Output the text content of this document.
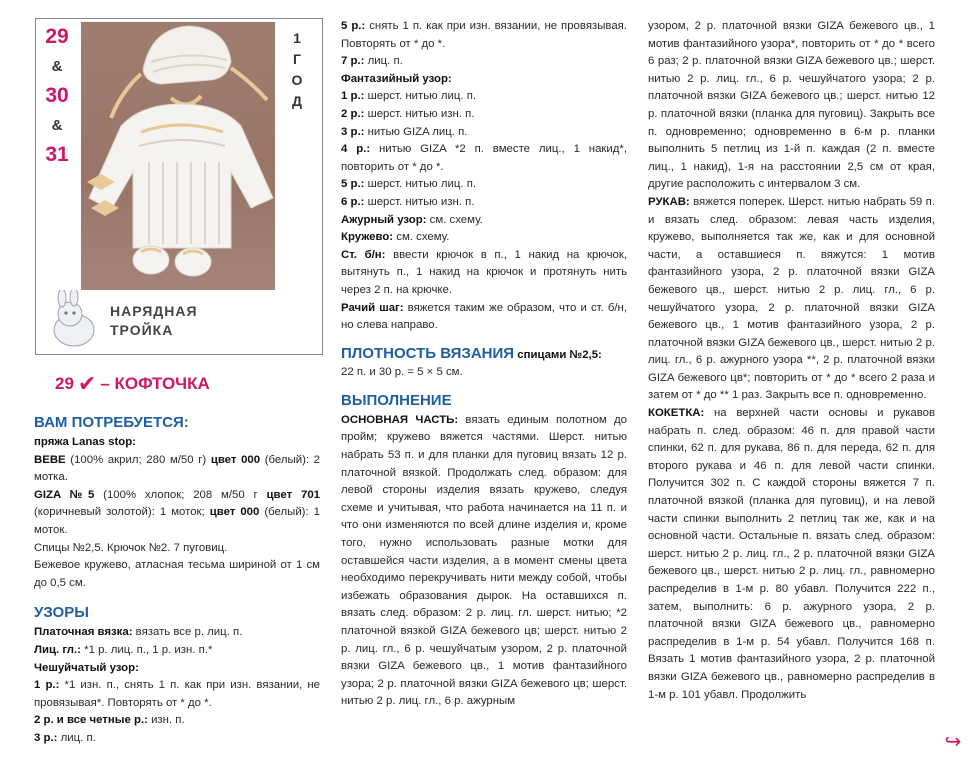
29
&
30
&
31
1
Г
О
Д
НАРЯДНАЯ
ТРОЙКА
29 ✔ – КОФТОЧКА
ВАМ ПОТРЕБУЕТСЯ:

пряжа Lanas stop:

BEBE (100% акрил; 280 м/50 г) цвет 000 (белый): 2 мотка.

GIZA №5 (100% хлопок; 208 м/50 г цвет 701 (коричневый золотой): 1 моток; цвет 000 (белый): 1 моток.

Спицы №2,5. Крючок №2. 7 пуговиц.

Бежевое кружево, атласная тесьма шириной от 1 см до 0,5 см.

УЗОРЫ

Платочная вязка: вязать все р. лиц. п.

Лиц. гл.: *1 р. лиц. п., 1 р. изн. п.*

Чешуйчатый узор:

1 р.: *1 изн. п., снять 1 п. как при изн. вязании, не провязывая*. Повторять от * до *.

2 р. и все четные р.: изн. п.

3 р.: лиц. п.

5 р.: снять 1 п. как при изн. вязании, не провязывая. Повторять от * до *.

7 р.: лиц. п.

Фантазийный узор:

1 р.: шерст. нитью лиц. п.

2 р.: шерст. нитью изн. п.

3 р.: нитью GIZA лиц. п.

4 р.: нитью GIZA *2 п. вместе лиц., 1 накид*, повторить от * до *.

5 р.: шерст. нитью лиц. п.

6 р.: шерст. нитью изн. п.

Ажурный узор: см. схему.

Кружево: см. схему.

Ст. б/н: ввести крючок в п., 1 накид на крючок, вытянуть п., 1 накид на крючок и протянуть нить через 2 п. на крючке.

Рачий шаг: вяжется таким же образом, что и ст. б/н, но слева направо.

ПЛОТНОСТЬ ВЯЗАНИЯ спицами №2,5:

22 п. и 30 р. = 5 × 5 см.

ВЫПОЛНЕНИЕ

ОСНОВНАЯ ЧАСТЬ: вязать единым полотном до пройм; кружево вяжется частями. Шерст. нитью набрать 53 п. и для планки для пуговиц вязать 12 р. платочной вязкой. Продолжать след. образом: для левой стороны изделия вязать кружево, следуя схеме и учитывая, что работа начинается на 11 п. и что они изменяются по всей длине изделия и, кроме того, нужно использовать разные мотки для оставшейся части изделия, а в момент смены цвета необходимо перекручивать нити между собой, чтобы избежать образования дырок. На оставшихся п. вязать след. образом: 2 р. лиц. гл. шерст. нитью; *2 платочной вязкой GIZA бежевого цв; шерст. нитью 2 р. лиц. гл., 6 р. чешуйчатым узором, 2 р. платочной вязки GIZA бежевого цв., 1 мотив фантазийного узора; 2 р. платочной вязки GIZA бежевого цв; шерст. нитью 2 р. лиц. гл., 6 р. ажурным

узором, 2 р. платочной вязки GIZA бежевого цв., 1 мотив фантазийного узора*, повторить от * до * всего 6 раз; 2 р. платочной вязки GIZA бежевого цв.; шерст. нитью 2 р. лиц. гл., 6 р. чешуйчатого узора; 2 р. платочной вязки GIZA бежевого цв.; шерст. нитью 12 р. платочной вязки (планка для пуговиц). Закрыть все п. одновременно; одновременно в 6-м р. планки выполнить 5 петлиц из 1-й п. каждая (2 п. вместе лиц., 1 накид), 1-я на расстоянии 2,5 см от края, другие расположить с интервалом 3 см.

РУКАВ: вяжется поперек. Шерст. нитью набрать 59 п. и вязать след. образом: левая часть изделия, кружево, выполняется так же, как и для основной части, а оставшиеся п. вяжутся: 1 мотив фантазийного узора, 2 р. платочной вязки GIZA бежевого цв., шерст. нитью 2 р. лиц. гл., 6 р. чешуйчатого узора, 2 р. платочной вязки GIZA бежевого цв., 1 мотив фантазийного узора, 2 р. платочной вязки GIZA бежевого цв., шерст. нитью 2 р. лиц. гл., 6 р. ажурного узора **, 2 р. платочной вязки GIZA бежевого цв*; повторить от * до * всего 2 раза и затем от * до ** 1 раз. Закрыть все п. одновременно.

КОКЕТКА: на верхней части основы и рукавов набрать п. след. образом: 46 п. для правой части спинки, 62 п. для рукава, 86 п. для переда, 62 п. для второго рукава и 46 п. для левой части спинки. Получится 302 п. С каждой стороны вяжется 7 п. платочной вязкой (планка для пуговиц), и на левой части спинки выполнить 2 петлиц так же, как и на основной части. Остальные п. вязать след. образом: шерст. нитью 2 р. лиц. гл., 2 р. платочной вязки GIZA бежевого цв., шерст. нитью 2 р. лиц. гл., равномерно распределив в 1-м р. 80 убавл. Получится 222 п., затем, выполнить: 6 р. ажурного узора, 2 р. платочной вязки GIZA бежевого цв., равномерно распределив в 1-м р. 54 убавл. Получится 168 п. Вязать 1 мотив фантазийного узора, 2 р. платочной вязки GIZA бежевого цв., равномерно распределив в 1-м р. 101 убавл. Продолжить

↪
